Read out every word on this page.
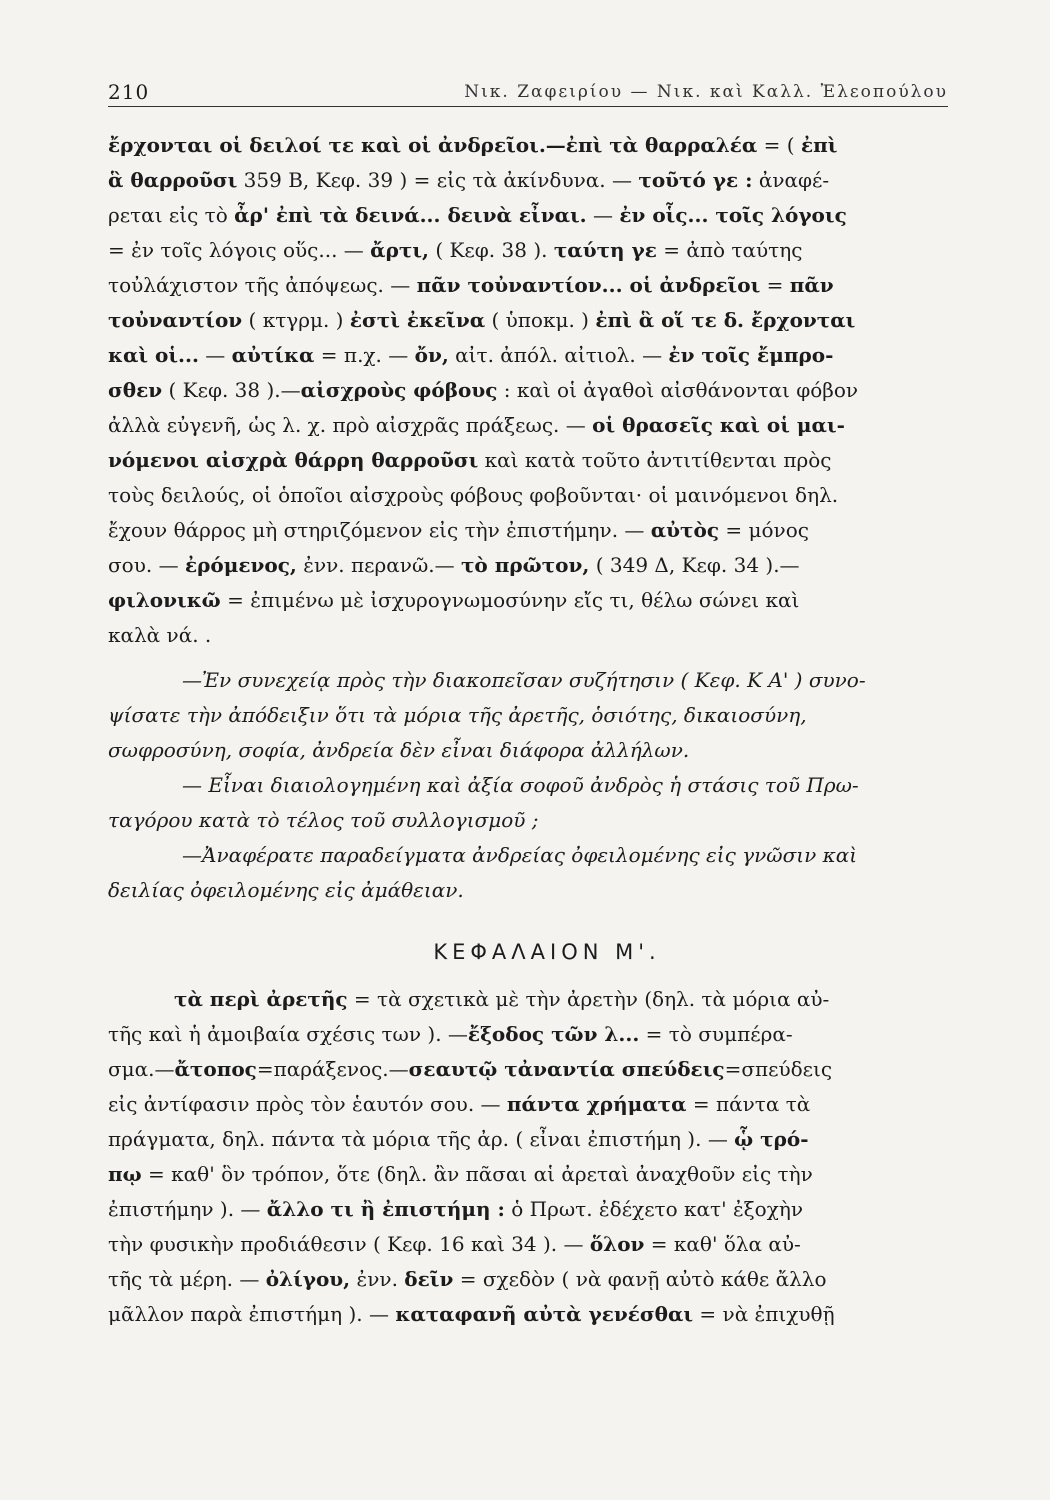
210	Νικ. Ζαφειρίου — Νικ. καὶ Καλλ. Ἐλεοπούλου
ἔρχονται οἱ δειλοί τε καὶ οἱ ἀνδρεῖοι.—ἐπὶ τὰ θαρραλέα = ( ἐπὶ
ἃ θαρροῦσι 359 B, Κεφ. 39 ) = εἰς τὰ ἀκίνδυνα. — τοῦτό γε : ἀναφέ-
ρεται εἰς τὸ ἆρ' ἐπὶ τὰ δεινά... δεινὰ εἶναι. — ἐν οἷς... τοῖς λόγοις
= ἐν τοῖς λόγοις οὕς... — ἄρτι, ( Κεφ. 38 ). ταύτη γε = ἀπὸ ταύτης
τοὐλάχιστον τῆς ἀπόψεως. — πᾶν τοὐναντίον... οἱ ἀνδρεῖοι = πᾶν
τοὐναντίον ( κτγρμ. ) ἐστὶ ἐκεῖνα ( ὑποκμ. ) ἐπὶ ἃ οἵ τε δ. ἔρχονται
καὶ οἱ... — αὐτίκα = π.χ. — ὄν, αἰτ. ἀπόλ. αἰτιολ. — ἐν τοῖς ἔμπρο-
σθεν ( Κεφ. 38 ).—αἰσχροὺς φόβους : καὶ οἱ ἀγαθοὶ αἰσθάνονται φόβον
ἀλλὰ εὐγενῆ, ὡς λ. χ. πρὸ αἰσχρᾶς πράξεως. — οἱ θρασεῖς καὶ οἱ μαι-
νόμενοι αἰσχρὰ θάρρη θαρροῦσι καὶ κατὰ τοῦτο ἀντιτίθενται πρὸς
τοὺς δειλούς, οἱ ὁποῖοι αἰσχροὺς φόβους φοβοῦνται· οἱ μαινόμενοι δηλ.
ἔχουν θάρρος μὴ στηριζόμενον εἰς τὴν ἐπιστήμην. — αὐτὸς = μόνος
σου. — ἐρόμενος, ἐνν. περανῶ.— τὸ πρῶτον, ( 349 Δ, Κεφ. 34 ).—
φιλονικῶ = ἐπιμένω μὲ ἰσχυρογνωμοσύνην εἴς τι, θέλω σώνει καὶ
καλὰ νά. .
—Ἐν συνεχείᾳ πρὸς τὴν διακοπεῖσαν συζήτησιν ( Κεφ. Κ Α' ) συνο-
ψίσατε τὴν ἀπόδειξιν ὅτι τὰ μόρια τῆς ἀρετῆς, ὁσιότης, δικαιοσύνη,
σωφροσύνη, σοφία, ἀνδρεία δὲν εἶναι διάφορα ἀλλήλων.
— Εἶναι διαιολογημένη καὶ ἀξία σοφοῦ ἀνδρὸς ἡ στάσις τοῦ Πρω-
ταγόρου κατὰ τὸ τέλος τοῦ συλλογισμοῦ ;
—Ἀναφέρατε παραδείγματα ἀνδρείας ὀφειλομένης εἰς γνῶσιν καὶ
δειλίας ὀφειλομένης εἰς ἀμάθειαν.
ΚΕΦΑΛΑΙΟΝ Μ'.
τὰ περὶ ἀρετῆς = τὰ σχετικὰ μὲ τὴν ἀρετὴν (δηλ. τὰ μόρια αὐ-
τῆς καὶ ἡ ἀμοιβαία σχέσις των ). —ἔξοδος τῶν λ... = τὸ συμπέρα-
σμα.—ἄτοπος=παράξενος.—σεαυτῷ τἀναντία σπεύδεις=σπεύδεις
εἰς ἀντίφασιν πρὸς τὸν ἑαυτόν σου. — πάντα χρήματα = πάντα τὰ
πράγματα, δηλ. πάντα τὰ μόρια τῆς ἀρ. ( εἶναι ἐπιστήμη ). — ᾧ τρό-
πῳ = καθ' ὃν τρόπον, ὅτε (δηλ. ἂν πᾶσαι αἱ ἀρεταὶ ἀναχθοῦν εἰς τὴν
ἐπιστήμην ). — ἄλλο τι ἢ ἐπιστήμη : ὁ Πρωτ. ἐδέχετο κατ' ἐξοχὴν
τὴν φυσικὴν προδιάθεσιν ( Κεφ. 16 καὶ 34 ). — ὅλον = καθ' ὅλα αὐ-
τῆς τὰ μέρη. — ὀλίγου, ἐνν. δεῖν = σχεδὸν ( νὰ φανῇ αὐτὸ κάθε ἄλλο
μᾶλλον παρὰ ἐπιστήμη ). — καταφανῆ αὐτὰ γενέσθαι = νὰ ἐπιχυθῇ
